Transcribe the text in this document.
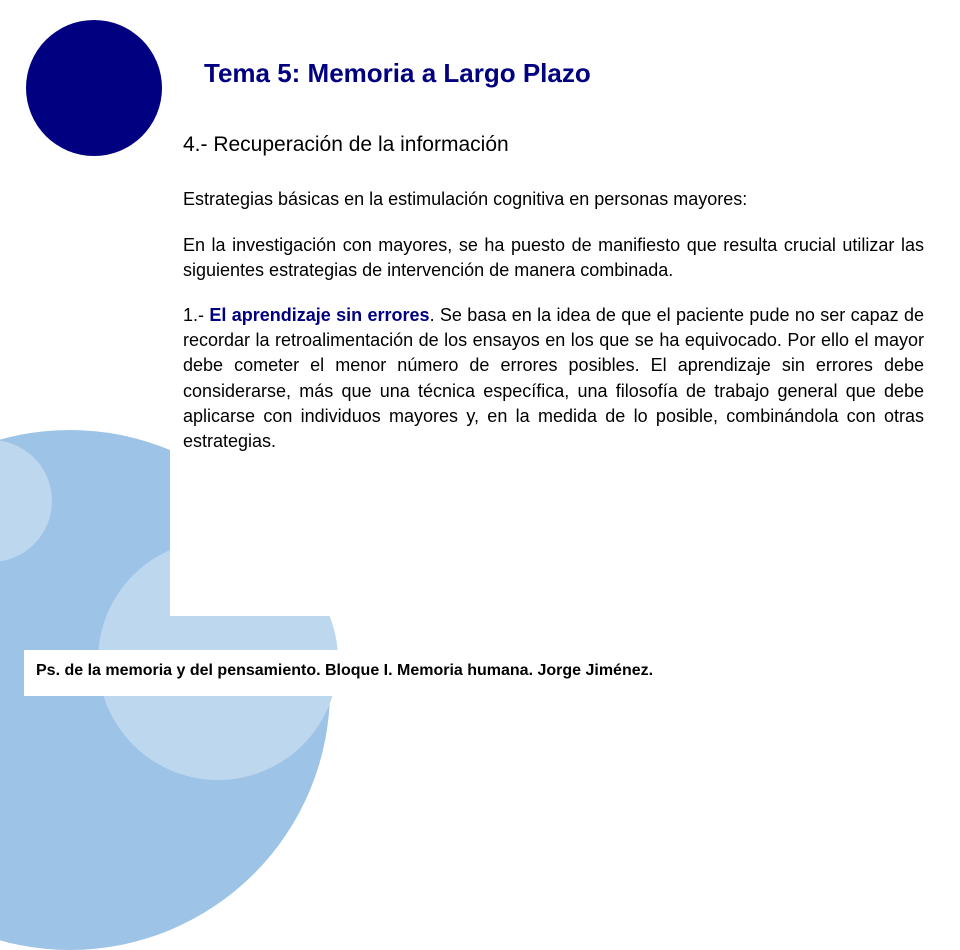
Tema 5: Memoria a Largo Plazo

4.- Recuperación de la información

Estrategias básicas en la estimulación cognitiva en personas mayores:

En la investigación con mayores, se ha puesto de manifiesto que resulta crucial utilizar las siguientes estrategias de intervención de manera combinada.

1.- El aprendizaje sin errores. Se basa en la idea de que el paciente pude no ser capaz de recordar la retroalimentación de los ensayos en los que se ha equivocado. Por ello el mayor debe cometer el menor número de errores posibles. El aprendizaje sin errores debe considerarse, más que una técnica específica, una filosofía de trabajo general que debe aplicarse con individuos mayores y, en la medida de lo posible, combinándola con otras estrategias.

Ps. de la memoria y del pensamiento. Bloque I. Memoria humana. Jorge Jiménez.
